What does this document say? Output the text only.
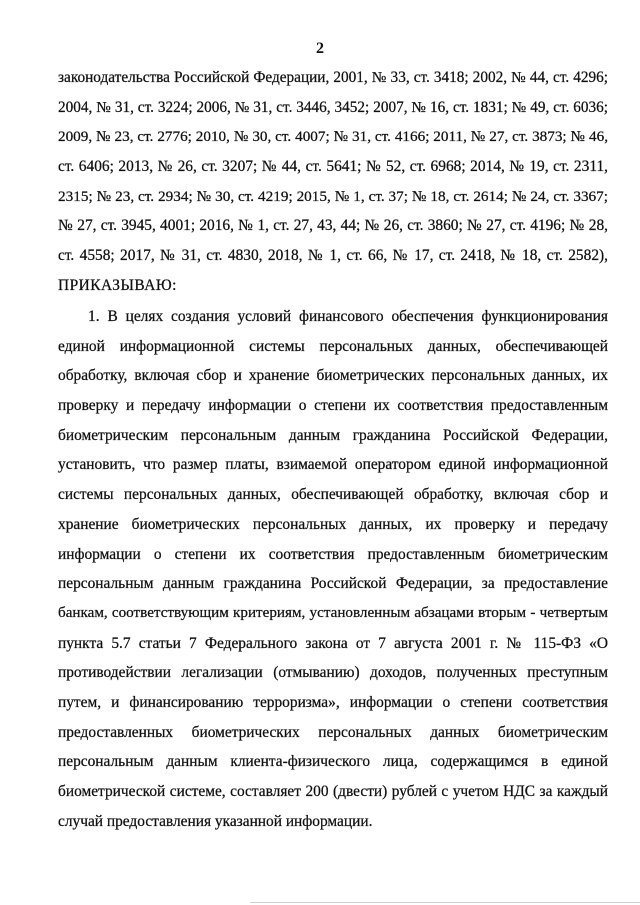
2
законодательства Российской Федерации, 2001, № 33, ст. 3418; 2002, № 44, ст. 4296;
2004, № 31, ст. 3224; 2006, № 31, ст. 3446, 3452; 2007, № 16, ст. 1831; № 49, ст. 6036;
2009, № 23, ст. 2776; 2010, № 30, ст. 4007; № 31, ст. 4166; 2011, № 27, ст. 3873; № 46,
ст. 6406; 2013, № 26, ст. 3207; № 44, ст. 5641; № 52, ст. 6968; 2014, № 19, ст. 2311,
2315; № 23, ст. 2934; № 30, ст. 4219; 2015, № 1, ст. 37; № 18, ст. 2614; № 24, ст. 3367;
№ 27, ст. 3945, 4001; 2016, № 1, ст. 27, 43, 44; № 26, ст. 3860; № 27, ст. 4196; № 28,
ст. 4558; 2017, № 31, ст. 4830, 2018, № 1, ст. 66, № 17, ст. 2418, № 18, ст. 2582),
ПРИКАЗЫВАЮ:
1. В целях создания условий финансового обеспечения функционирования
единой информационной системы персональных данных, обеспечивающей
обработку, включая сбор и хранение биометрических персональных данных, их
проверку и передачу информации о степени их соответствия предоставленным
биометрическим персональным данным гражданина Российской Федерации,
установить, что размер платы, взимаемой оператором единой информационной
системы персональных данных, обеспечивающей обработку, включая сбор и
хранение биометрических персональных данных, их проверку и передачу
информации о степени их соответствия предоставленным биометрическим
персональным данным гражданина Российской Федерации, за предоставление
банкам, соответствующим критериям, установленным абзацами вторым - четвертым
пункта 5.7 статьи 7 Федерального закона от 7 августа 2001 г. № 115-ФЗ «О
противодействии легализации (отмыванию) доходов, полученных преступным
путем, и финансированию терроризма», информации о степени соответствия
предоставленных биометрических персональных данных биометрическим
персональным данным клиента-физического лица, содержащимся в единой
биометрической системе, составляет 200 (двести) рублей с учетом НДС за каждый
случай предоставления указанной информации.
